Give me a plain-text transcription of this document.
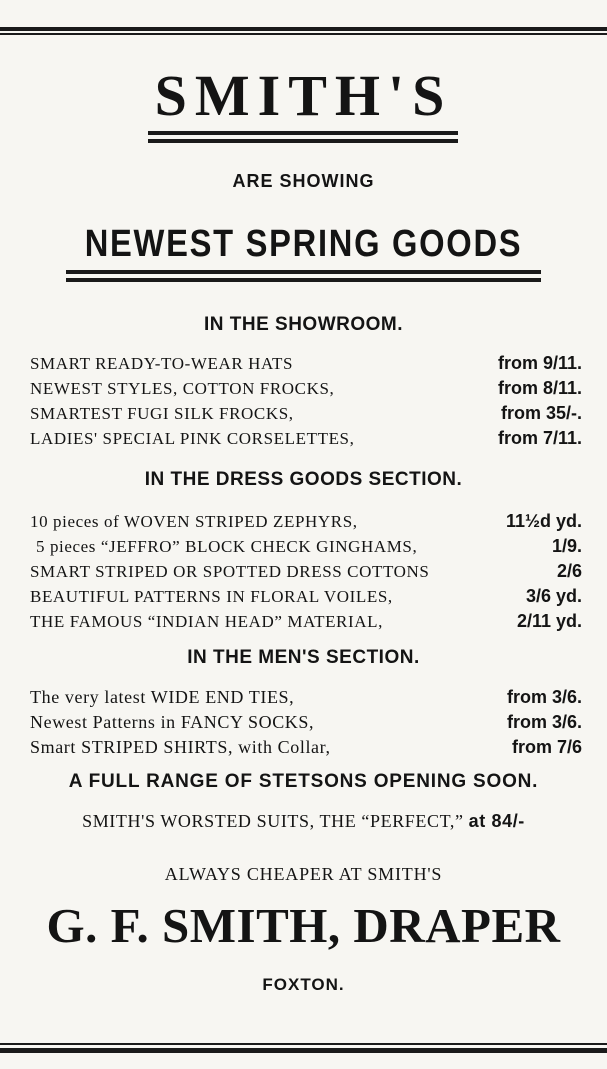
SMITH'S
ARE SHOWING
NEWEST SPRING GOODS
IN THE SHOWROOM.
SMART READY-TO-WEAR HATS	from 9/11.
NEWEST STYLES, COTTON FROCKS,	from 8/11.
SMARTEST FUGI SILK FROCKS,	from 35/-.
LADIES' SPECIAL PINK CORSELETTES,	from 7/11.
IN THE DRESS GOODS SECTION.
10 pieces of WOVEN STRIPED ZEPHYRS,	11½d yd.
5 pieces “JEFFRO” BLOCK CHECK GINGHAMS,	1/9.
SMART STRIPED OR SPOTTED DRESS COTTONS	2/6
BEAUTIFUL PATTERNS IN FLORAL VOILES,	3/6 yd.
THE FAMOUS “INDIAN HEAD” MATERIAL,	2/11 yd.
IN THE MEN'S SECTION.
The very latest WIDE END TIES,	from 3/6.
Newest Patterns in FANCY SOCKS,	from 3/6.
Smart STRIPED SHIRTS, with Collar,	from 7/6
A FULL RANGE OF STETSONS OPENING SOON.
SMITH'S WORSTED SUITS, THE “PERFECT,” at 84/-
ALWAYS CHEAPER AT SMITH'S
G. F. SMITH, DRAPER
FOXTON.
